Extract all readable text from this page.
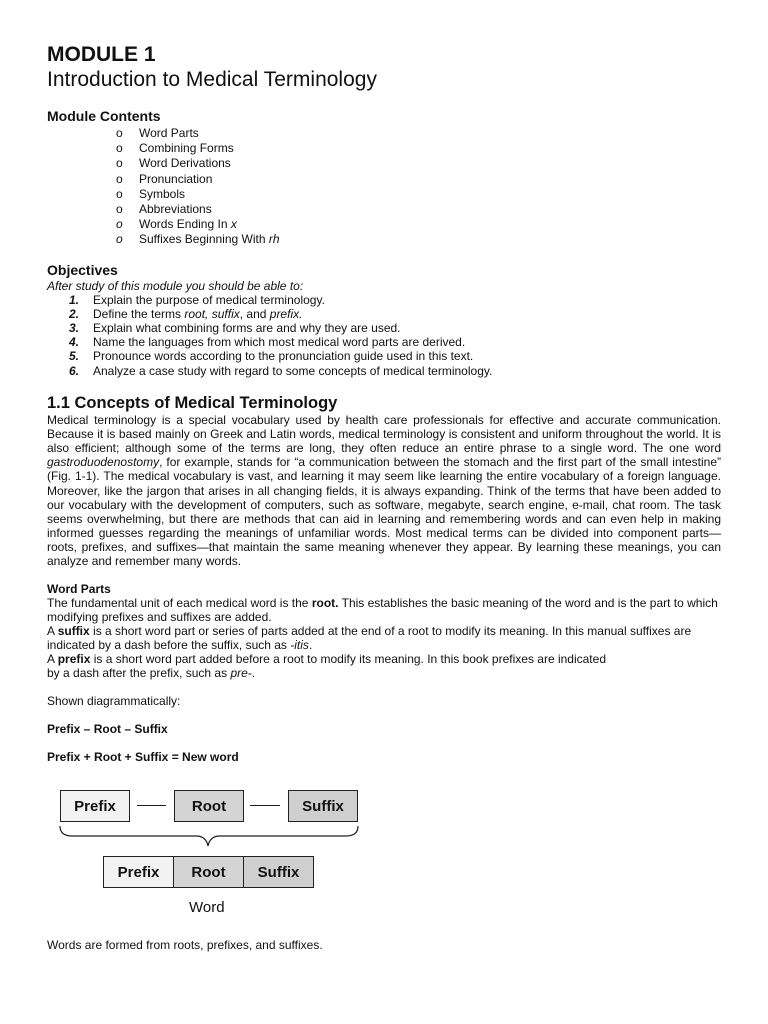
MODULE 1
Introduction to Medical Terminology
Module Contents
o Word Parts
o Combining Forms
o Word Derivations
o Pronunciation
o Symbols
o Abbreviations
o Words Ending In x
o Suffixes Beginning With rh
Objectives
After study of this module you should be able to:
1.	Explain the purpose of medical terminology.
2.	Define the terms root, suffix, and prefix.
3.	Explain what combining forms are and why they are used.
4.	Name the languages from which most medical word parts are derived.
5.	Pronounce words according to the pronunciation guide used in this text.
6.	Analyze a case study with regard to some concepts of medical terminology.
1.1 Concepts of Medical Terminology
Medical terminology is a special vocabulary used by health care professionals for effective and accurate communication. Because it is based mainly on Greek and Latin words, medical terminology is consistent and uniform throughout the world. It is also efficient; although some of the terms are long, they often reduce an entire phrase to a single word. The one word gastroduodenostomy, for example, stands for “a communication between the stomach and the first part of the small intestine” (Fig. 1-1). The medical vocabulary is vast, and learning it may seem like learning the entire vocabulary of a foreign language. Moreover, like the jargon that arises in all changing fields, it is always expanding. Think of the terms that have been added to our vocabulary with the development of computers, such as software, megabyte, search engine, e-mail, chat room. The task seems overwhelming, but there are methods that can aid in learning and remembering words and can even help in making informed guesses regarding the meanings of unfamiliar words. Most medical terms can be divided into component parts—roots, prefixes, and suffixes—that maintain the same meaning whenever they appear. By learning these meanings, you can analyze and remember many words.
Word Parts
The fundamental unit of each medical word is the root. This establishes the basic meaning of the word and is the part to which modifying prefixes and suffixes are added.
A suffix is a short word part or series of parts added at the end of a root to modify its meaning. In this manual suffixes are indicated by a dash before the suffix, such as -itis.
A prefix is a short word part added before a root to modify its meaning. In this book prefixes are indicated
by a dash after the prefix, such as pre-.
Shown diagrammatically:
Prefix – Root – Suffix
Prefix + Root + Suffix = New word
Prefix	Root	Suffix
Prefix	Root	Suffix
Word
Words are formed from roots, prefixes, and suffixes.
